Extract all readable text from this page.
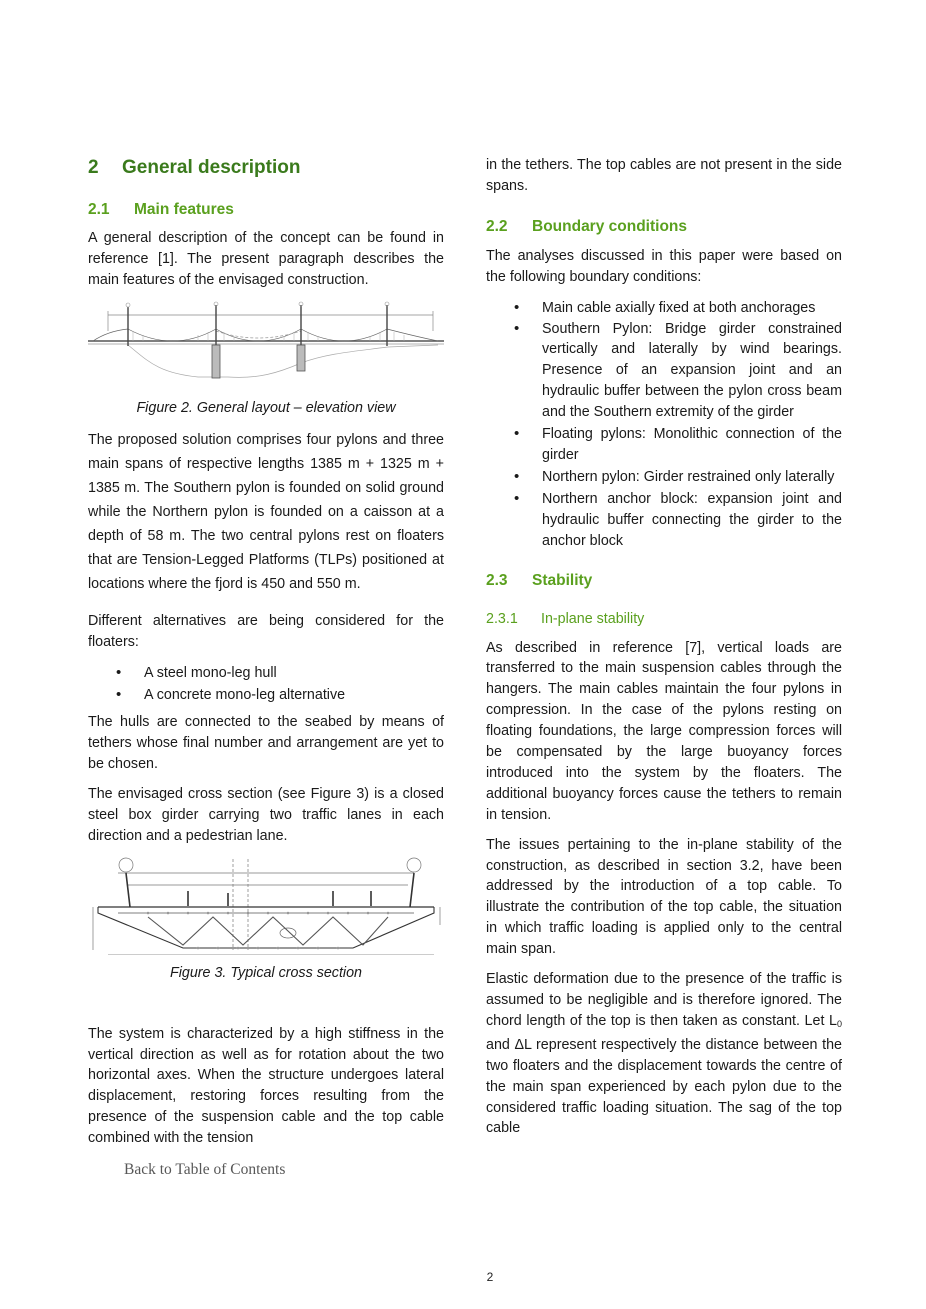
2 General description
2.1 Main features

A general description of the concept can be found in reference [1]. The present paragraph describes the main features of the envisaged construction.

Figure 2. General layout – elevation view

The proposed solution comprises four pylons and three main spans of respective lengths 1385 m + 1325 m + 1385 m. The Southern pylon is founded on solid ground while the Northern pylon is founded on a caisson at a depth of 58 m. The two central pylons rest on floaters that are Tension-Legged Platforms (TLPs) positioned at locations where the fjord is 450 and 550 m.

Different alternatives are being considered for the floaters:

• A steel mono-leg hull
• A concrete mono-leg alternative

The hulls are connected to the seabed by means of tethers whose final number and arrangement are yet to be chosen.

The envisaged cross section (see Figure 3) is a closed steel box girder carrying two traffic lanes in each direction and a pedestrian lane.

Figure 3. Typical cross section

The system is characterized by a high stiffness in the vertical direction as well as for rotation about the two horizontal axes. When the structure undergoes lateral displacement, restoring forces resulting from the presence of the suspension cable and the top cable combined with the tension

in the tethers. The top cables are not present in the side spans.

2.2 Boundary conditions

The analyses discussed in this paper were based on the following boundary conditions:

• Main cable axially fixed at both anchorages
• Southern Pylon: Bridge girder constrained vertically and laterally by wind bearings. Presence of an expansion joint and an hydraulic buffer between the pylon cross beam and the Southern extremity of the girder
• Floating pylons: Monolithic connection of the girder
• Northern pylon: Girder restrained only laterally
• Northern anchor block: expansion joint and hydraulic buffer connecting the girder to the anchor block
2.3 Stability
2.3.1 In-plane stability

As described in reference [7], vertical loads are transferred to the main suspension cables through the hangers. The main cables maintain the four pylons in compression. In the case of the pylons resting on floating foundations, the large compression forces will be compensated by the large buoyancy forces introduced into the system by the floaters. The additional buoyancy forces cause the tethers to remain in tension.

The issues pertaining to the in-plane stability of the construction, as described in section 3.2, have been addressed by the introduction of a top cable. To illustrate the contribution of the top cable, the situation in which traffic loading is applied only to the central main span.

Elastic deformation due to the presence of the traffic is assumed to be negligible and is therefore ignored. The chord length of the top is then taken as constant. Let $L_0$ and ΔL represent respectively the distance between the two floaters and the displacement towards the centre of the main span experienced by each pylon due to the considered traffic loading situation. The sag of the top cable

Back to Table of Contents
2
